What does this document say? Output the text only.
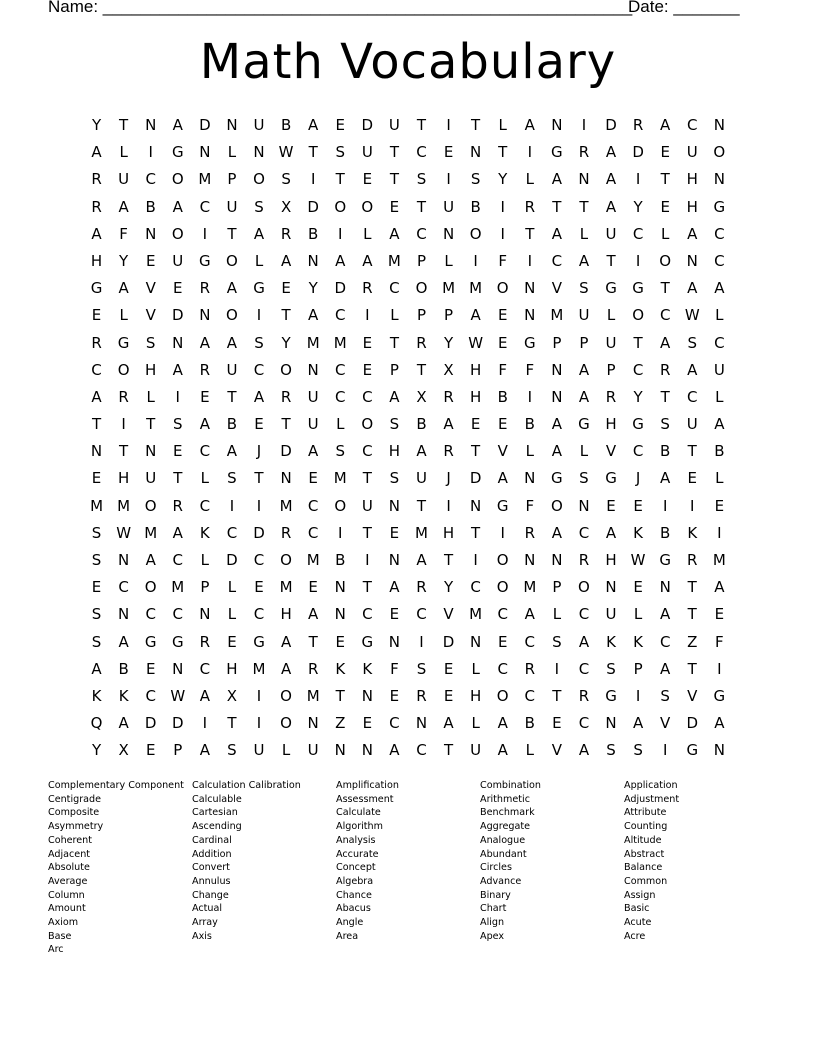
Name: ________________________________________________________
Date: _______
Math Vocabulary
Y	T	N	A	D	N	U	B	A	E	D	U	T	I	T	L	A	N	I	D	R	A	C	N
A	L	I	G	N	L	N W	T	S	U	T	C	E	N	T	I	G	R	A	D	E	U	O
R	U	C	O M	P	O	S	I	T	E	T	S	I	S	Y	L	A	N	A	I	T	H	N
R	A	B	A	C	U	S	X	D	O	O	E	T	U	B	I	R	T	T	A	Y	E	H	G
A	F	N	O	I	T	A	R	B	I	L	A	C	N	O	I	T	A	L	U	C	L	A	C
H	Y	E	U	G	O	L	A	N	A	A	M	P	L	I	F	I	C	A	T	I	O	N	C
G	A	V	E	R	A	G	E	Y	D	R	C	O M M O	N	V	S	G	G	T	A	A
E	L	V	D	N	O	I	T	A	C	I	L	P	P	A	E	N M	U	L	O	C W	L
R	G	S	N	A	A	S	Y	M M	E	T	R	Y	W E	G	P	P	U	T	A	S	C
C	O	H	A	R	U	C	O	N	C	E	P	T	X	H	F	F	N	A	P	C	R	A	U
A	R	L	I	E	T	A	R	U	C	C	A	X	R	H	B	I	N	A	R	Y	T	C	L
T	I	T	S	A	B	E	T	U	L	O	S	B	A	E	E	B	A	G	H	G	S	U	A
N	T	N	E	C	A	J	D	A	S	C	H	A	R	T	V	L	A	L	V	C	B	T	B
E	H	U	T	L	S	T	N	E	M	T	S	U	J	D	A	N	G	S	G	J	A	E	L
M M O	R	C	I	I	M	C	O	U	N	T	I	N	G	F	O	N	E	E	I	I	E
S W M	A	K	C	D	R	C	I	T	E	M H	T	I	R	A	C	A	K	B	K	I
S	N	A	C	L	D	C	O M	B	I	N	A	T	I	O	N	N	R	H W G	R	M
E	C	O M	P	L	E	M	E	N	T	A	R	Y	C	O M	P	O	N	E	N	T	A
S	N	C	C	N	L	C	H	A	N	C	E	C	V	M	C	A	L	C	U	L	A	T	E
S	A	G	G	R	E	G	A	T	E	G	N	I	D	N	E	C	S	A	K	K	C	Z	F
A	B	E	N	C	H M	A	R	K	K	F	S	E	L	C	R	I	C	S	P	A	T	I
K	K	C W A	X	I	O M	T	N	E	R	E	H	O	C	T	R	G	I	S	V	G
Q	A	D	D	I	T	I	O	N	Z	E	C	N	A	L	A	B	E	C	N	A	V	D	A
Y	X	E	P	A	S	U	L	U	N	N	A	C	T	U	A	L	V	A	S	S	I	G	N
Complementary Component
Centigrade
Composite
Asymmetry
Coherent
Adjacent
Absolute
Average
Column
Amount
Axiom
Base
Arc
Calculation Calibration
Calculable
Cartesian
Ascending
Cardinal
Addition
Convert
Annulus
Change
Actual
Array
Axis
Amplification
Assessment
Calculate
Algorithm
Analysis
Accurate
Concept
Algebra
Chance
Abacus
Angle
Area
Combination
Arithmetic
Benchmark
Aggregate
Analogue
Abundant
Circles
Advance
Binary
Chart
Align
Apex
Application
Adjustment
Attribute
Counting
Altitude
Abstract
Balance
Common
Assign
Basic
Acute
Acre
